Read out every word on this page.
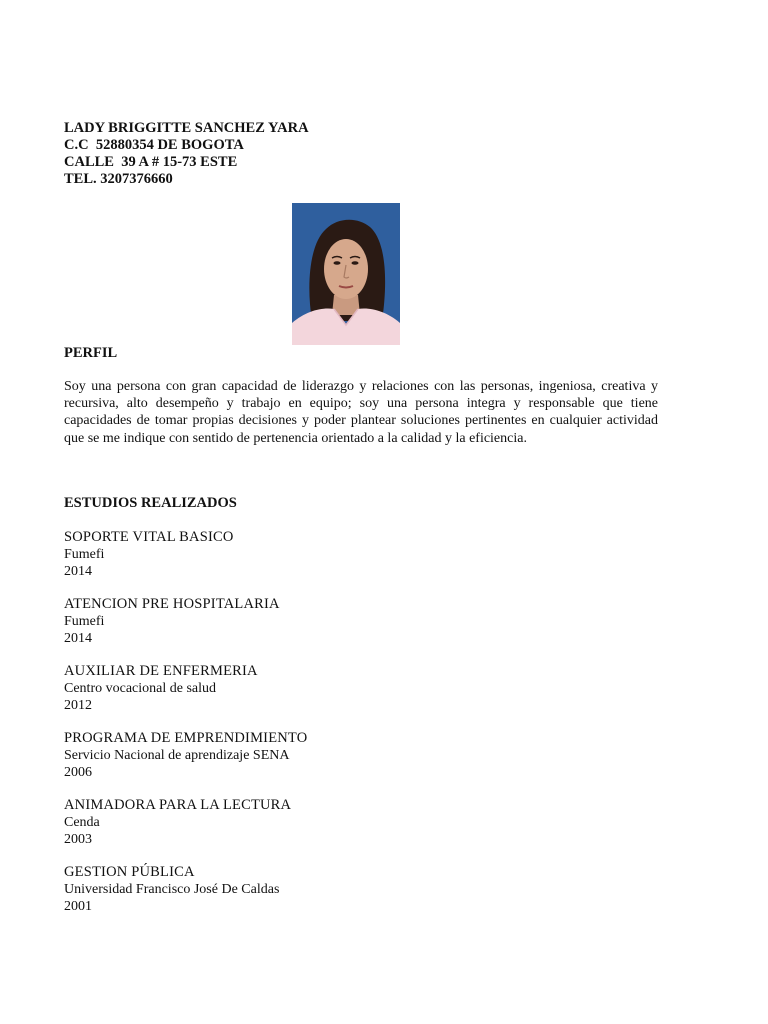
LADY BRIGGITTE SANCHEZ YARA
C.C  52880354 DE BOGOTA
CALLE  39 A # 15-73 ESTE
TEL. 3207376660
PERFIL
Soy una persona con gran capacidad de liderazgo y relaciones con las personas, ingeniosa, creativa y recursiva, alto desempeño y trabajo en equipo; soy una persona integra y responsable que tiene capacidades de tomar propias decisiones y poder plantear soluciones pertinentes en cualquier actividad que se me indique con sentido de pertenencia orientado a la calidad y la eficiencia.
ESTUDIOS REALIZADOS
SOPORTE VITAL BASICO
Fumefi
2014
ATENCION PRE HOSPITALARIA
Fumefi
2014
AUXILIAR DE ENFERMERIA
Centro vocacional de salud
2012
PROGRAMA DE EMPRENDIMIENTO
Servicio Nacional de aprendizaje SENA
2006
ANIMADORA PARA LA LECTURA
Cenda
2003
GESTION PÚBLICA
Universidad Francisco José De Caldas
2001
